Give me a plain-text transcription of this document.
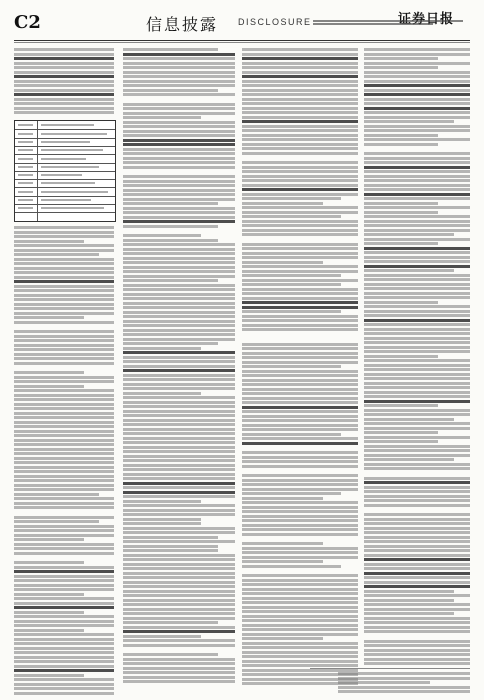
C2	信息披露 DISCLOSURE
